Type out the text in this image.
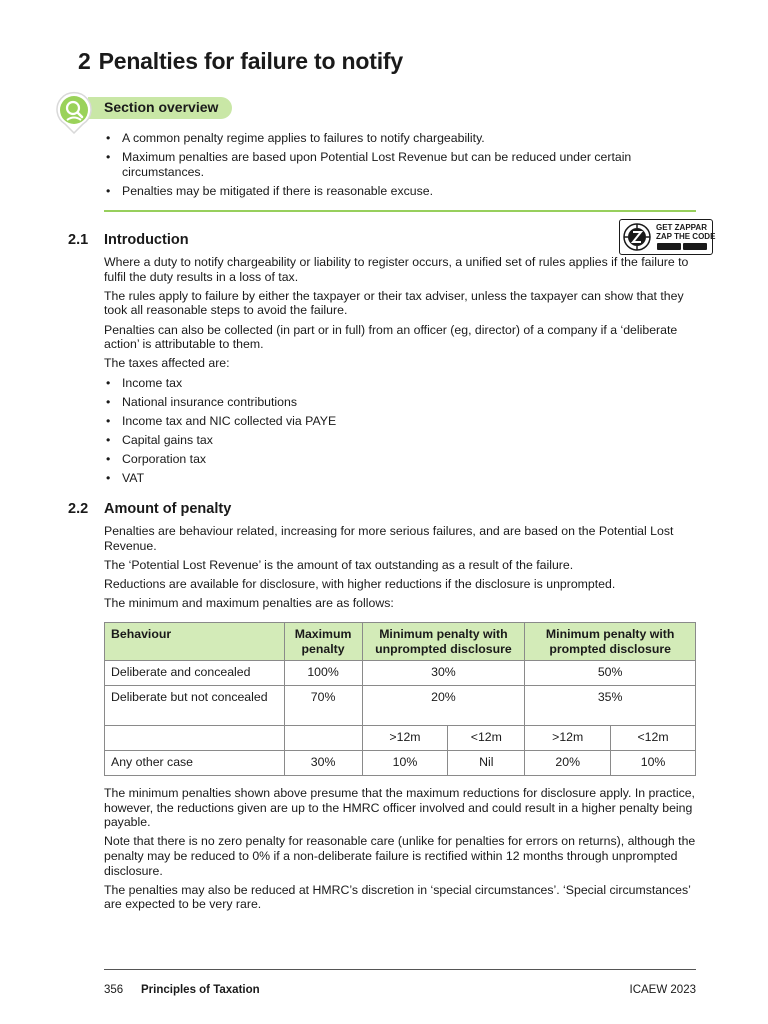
2 Penalties for failure to notify
Section overview
• A common penalty regime applies to failures to notify chargeability.
• Maximum penalties are based upon Potential Lost Revenue but can be reduced under certain circumstances.
• Penalties may be mitigated if there is reasonable excuse.
2.1 Introduction
GET ZAPPAR
ZAP THE CODE

Where a duty to notify chargeability or liability to register occurs, a unified set of rules applies if the failure to fulfil the duty results in a loss of tax.

The rules apply to failure by either the taxpayer or their tax adviser, unless the taxpayer can show that they took all reasonable steps to avoid the failure.

Penalties can also be collected (in part or in full) from an officer (eg, director) of a company if a ‘deliberate action’ is attributable to them.

The taxes affected are:

• Income tax
• National insurance contributions
• Income tax and NIC collected via PAYE
• Capital gains tax
• Corporation tax
• VAT
2.2 Amount of penalty

Penalties are behaviour related, increasing for more serious failures, and are based on the Potential Lost Revenue.

The ‘Potential Lost Revenue’ is the amount of tax outstanding as a result of the failure.

Reductions are available for disclosure, with higher reductions if the disclosure is unprompted.

The minimum and maximum penalties are as follows:

Behaviour	Maximum penalty	Minimum penalty with unprompted disclosure		Minimum penalty with prompted disclosure	
Deliberate and concealed	100%	30%		50%	
Deliberate but not concealed	70%	20%		35%	
		>12m	<12m	>12m	<12m
Any other case	30%	10%	Nil	20%	10%

The minimum penalties shown above presume that the maximum reductions for disclosure apply. In practice, however, the reductions given are up to the HMRC officer involved and could result in a higher penalty being payable.

Note that there is no zero penalty for reasonable care (unlike for penalties for errors on returns), although the penalty may be reduced to 0% if a non-deliberate failure is rectified within 12 months through unprompted disclosure.

The penalties may also be reduced at HMRC’s discretion in ‘special circumstances’. ‘Special circumstances’ are expected to be very rare.

356 Principles of Taxation	ICAEW 2023
